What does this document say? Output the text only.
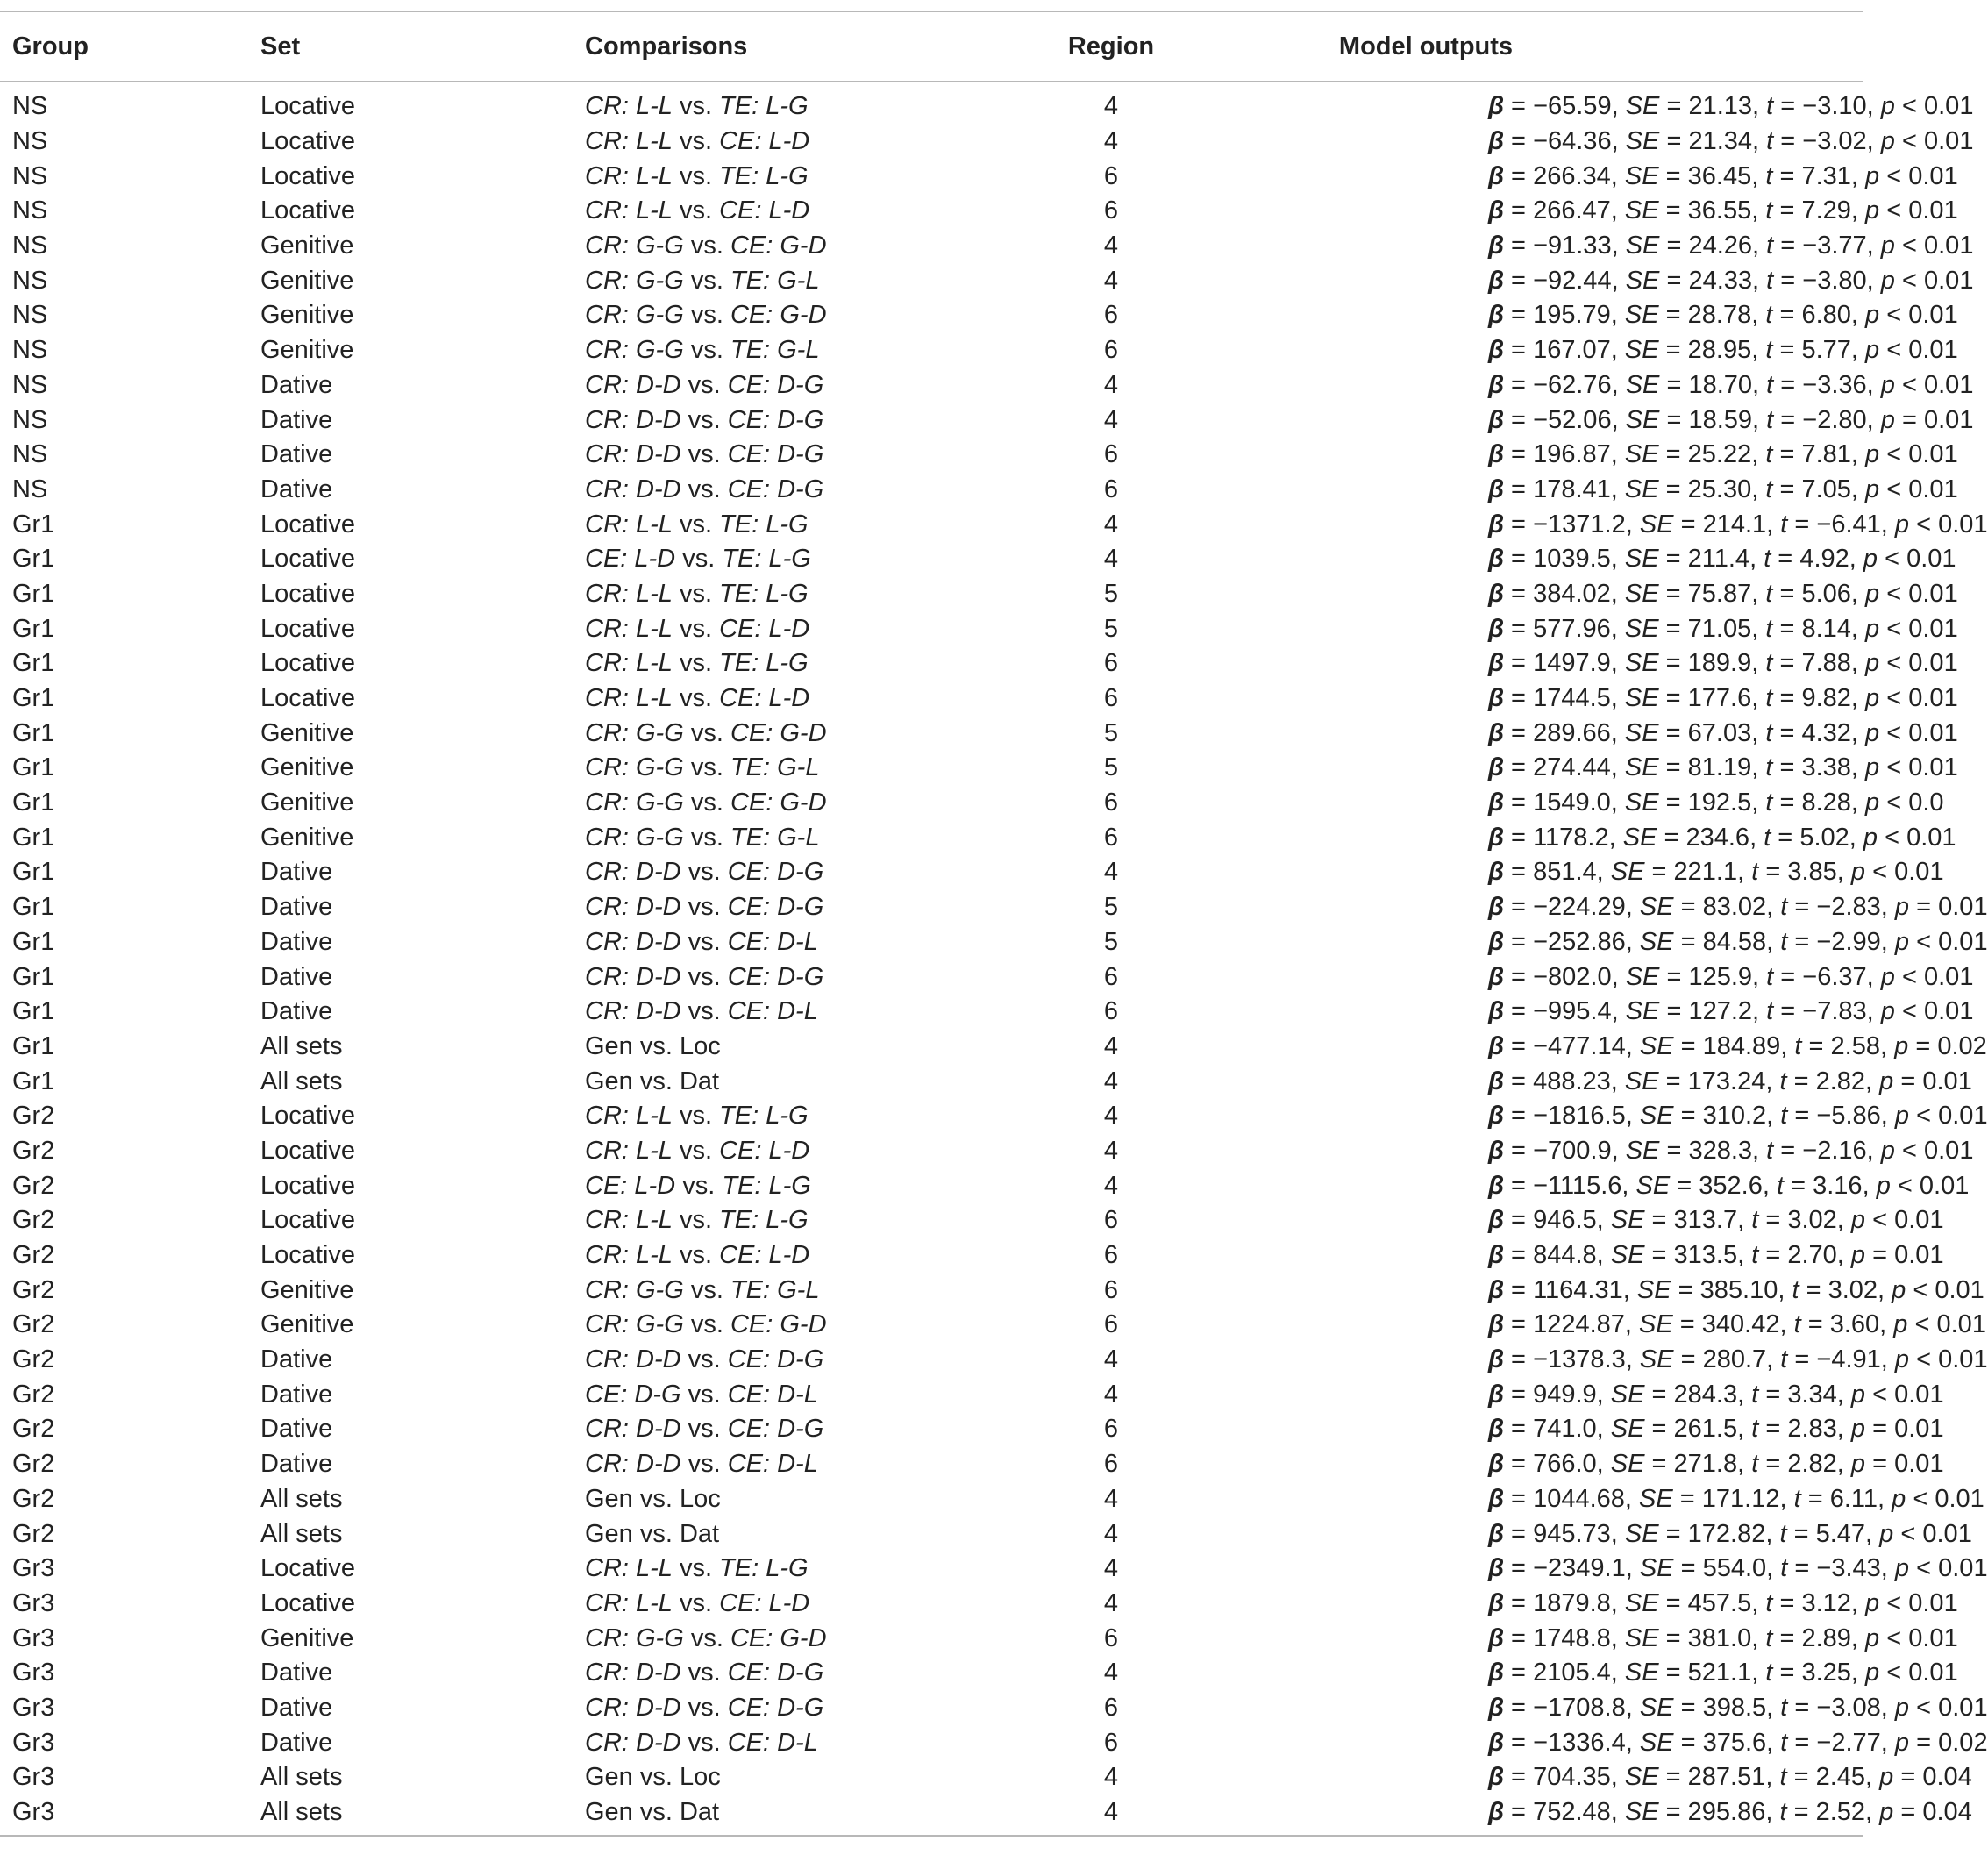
Group	Set	Comparisons	Region	Model outputs
NS	Locative	CR: L-L vs. TE: L-G	4	β = −65.59, SE = 21.13, t = −3.10, p < 0.01
NS	Locative	CR: L-L vs. CE: L-D	4	β = −64.36, SE = 21.34, t = −3.02, p < 0.01
NS	Locative	CR: L-L vs. TE: L-G	6	β = 266.34, SE = 36.45, t = 7.31, p < 0.01
NS	Locative	CR: L-L vs. CE: L-D	6	β = 266.47, SE = 36.55, t = 7.29, p < 0.01
NS	Genitive	CR: G-G vs. CE: G-D	4	β = −91.33, SE = 24.26, t = −3.77, p < 0.01
NS	Genitive	CR: G-G vs. TE: G-L	4	β = −92.44, SE = 24.33, t = −3.80, p < 0.01
NS	Genitive	CR: G-G vs. CE: G-D	6	β = 195.79, SE = 28.78, t = 6.80, p < 0.01
NS	Genitive	CR: G-G vs. TE: G-L	6	β = 167.07, SE = 28.95, t = 5.77, p < 0.01
NS	Dative	CR: D-D vs. CE: D-G	4	β = −62.76, SE = 18.70, t = −3.36, p < 0.01
NS	Dative	CR: D-D vs. CE: D-G	4	β = −52.06, SE = 18.59, t = −2.80, p = 0.01
NS	Dative	CR: D-D vs. CE: D-G	6	β = 196.87, SE = 25.22, t = 7.81, p < 0.01
NS	Dative	CR: D-D vs. CE: D-G	6	β = 178.41, SE = 25.30, t = 7.05, p < 0.01
Gr1	Locative	CR: L-L vs. TE: L-G	4	β = −1371.2, SE = 214.1, t = −6.41, p < 0.01
Gr1	Locative	CE: L-D vs. TE: L-G	4	β = 1039.5, SE = 211.4, t = 4.92, p < 0.01
Gr1	Locative	CR: L-L vs. TE: L-G	5	β = 384.02, SE = 75.87, t = 5.06, p < 0.01
Gr1	Locative	CR: L-L vs. CE: L-D	5	β = 577.96, SE = 71.05, t = 8.14, p < 0.01
Gr1	Locative	CR: L-L vs. TE: L-G	6	β = 1497.9, SE = 189.9, t = 7.88, p < 0.01
Gr1	Locative	CR: L-L vs. CE: L-D	6	β = 1744.5, SE = 177.6, t = 9.82, p < 0.01
Gr1	Genitive	CR: G-G vs. CE: G-D	5	β = 289.66, SE = 67.03, t = 4.32, p < 0.01
Gr1	Genitive	CR: G-G vs. TE: G-L	5	β = 274.44, SE = 81.19, t = 3.38, p < 0.01
Gr1	Genitive	CR: G-G vs. CE: G-D	6	β = 1549.0, SE = 192.5, t = 8.28, p < 0.0
Gr1	Genitive	CR: G-G vs. TE: G-L	6	β = 1178.2, SE = 234.6, t = 5.02, p < 0.01
Gr1	Dative	CR: D-D vs. CE: D-G	4	β = 851.4, SE = 221.1, t = 3.85, p < 0.01
Gr1	Dative	CR: D-D vs. CE: D-G	5	β = −224.29, SE = 83.02, t = −2.83, p = 0.01
Gr1	Dative	CR: D-D vs. CE: D-L	5	β = −252.86, SE = 84.58, t = −2.99, p < 0.01
Gr1	Dative	CR: D-D vs. CE: D-G	6	β = −802.0, SE = 125.9, t = −6.37, p < 0.01
Gr1	Dative	CR: D-D vs. CE: D-L	6	β = −995.4, SE = 127.2, t = −7.83, p < 0.01
Gr1	All sets	Gen vs. Loc	4	β = −477.14, SE = 184.89, t = 2.58, p = 0.02
Gr1	All sets	Gen vs. Dat	4	β = 488.23, SE = 173.24, t = 2.82, p = 0.01
Gr2	Locative	CR: L-L vs. TE: L-G	4	β = −1816.5, SE = 310.2, t = −5.86, p < 0.01
Gr2	Locative	CR: L-L vs. CE: L-D	4	β = −700.9, SE = 328.3, t = −2.16, p < 0.01
Gr2	Locative	CE: L-D vs. TE: L-G	4	β = −1115.6, SE = 352.6, t = 3.16, p < 0.01
Gr2	Locative	CR: L-L vs. TE: L-G	6	β = 946.5, SE = 313.7, t = 3.02, p < 0.01
Gr2	Locative	CR: L-L vs. CE: L-D	6	β = 844.8, SE = 313.5, t = 2.70, p = 0.01
Gr2	Genitive	CR: G-G vs. TE: G-L	6	β = 1164.31, SE = 385.10, t = 3.02, p < 0.01
Gr2	Genitive	CR: G-G vs. CE: G-D	6	β = 1224.87, SE = 340.42, t = 3.60, p < 0.01
Gr2	Dative	CR: D-D vs. CE: D-G	4	β = −1378.3, SE = 280.7, t = −4.91, p < 0.01
Gr2	Dative	CE: D-G vs. CE: D-L	4	β = 949.9, SE = 284.3, t = 3.34, p < 0.01
Gr2	Dative	CR: D-D vs. CE: D-G	6	β = 741.0, SE = 261.5, t = 2.83, p = 0.01
Gr2	Dative	CR: D-D vs. CE: D-L	6	β = 766.0, SE = 271.8, t = 2.82, p = 0.01
Gr2	All sets	Gen vs. Loc	4	β = 1044.68, SE = 171.12, t = 6.11, p < 0.01
Gr2	All sets	Gen vs. Dat	4	β = 945.73, SE = 172.82, t = 5.47, p < 0.01
Gr3	Locative	CR: L-L vs. TE: L-G	4	β = −2349.1, SE = 554.0, t = −3.43, p < 0.01
Gr3	Locative	CR: L-L vs. CE: L-D	4	β = 1879.8, SE = 457.5, t = 3.12, p < 0.01
Gr3	Genitive	CR: G-G vs. CE: G-D	6	β = 1748.8, SE = 381.0, t = 2.89, p < 0.01
Gr3	Dative	CR: D-D vs. CE: D-G	4	β = 2105.4, SE = 521.1, t = 3.25, p < 0.01
Gr3	Dative	CR: D-D vs. CE: D-G	6	β = −1708.8, SE = 398.5, t = −3.08, p < 0.01
Gr3	Dative	CR: D-D vs. CE: D-L	6	β = −1336.4, SE = 375.6, t = −2.77, p = 0.02
Gr3	All sets	Gen vs. Loc	4	β = 704.35, SE = 287.51, t = 2.45, p = 0.04
Gr3	All sets	Gen vs. Dat	4	β = 752.48, SE = 295.86, t = 2.52, p = 0.04
